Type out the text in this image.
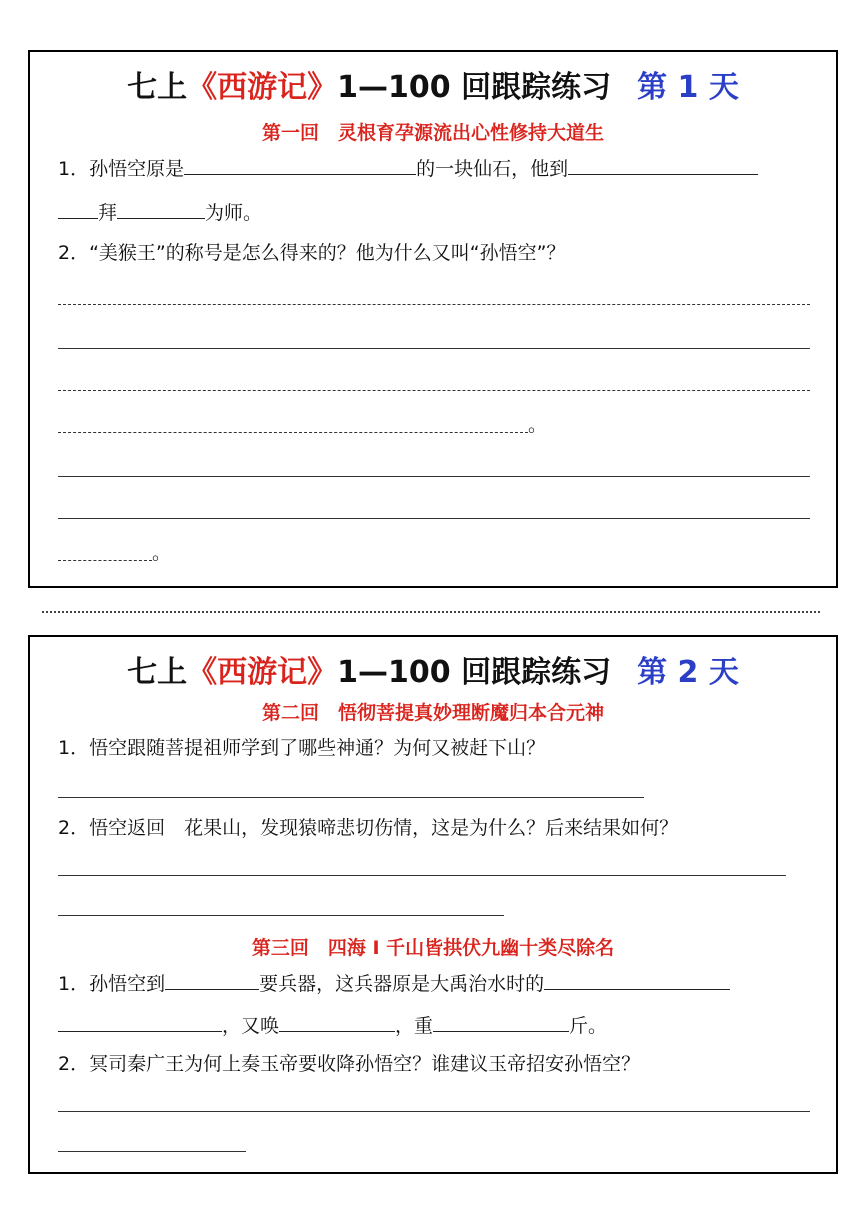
七上《西游记》1—100 回跟踪练习 第 1 天
第一回　灵根育孕源流出心性修持大道生
1．孙悟空原是	的一块仙石，他到
拜	为师。
2．“美猴王”的称号是怎么得来的？他为什么又叫“孙悟空”？
。
。
七上《西游记》1—100 回跟踪练习 第 2 天
第二回　悟彻菩提真妙理断魔归本合元神
1．悟空跟随菩提祖师学到了哪些神通？为何又被赶下山？
2．悟空返回　花果山，发现猿啼悲切伤情，这是为什么？后来结果如何？
第三回　四海 I 千山皆拱伏九幽十类尽除名
1．孙悟空到	要兵器，这兵器原是大禹治水时的
，又唤	，重	斤。
2．冥司秦广王为何上奏玉帝要收降孙悟空？谁建议玉帝招安孙悟空？
